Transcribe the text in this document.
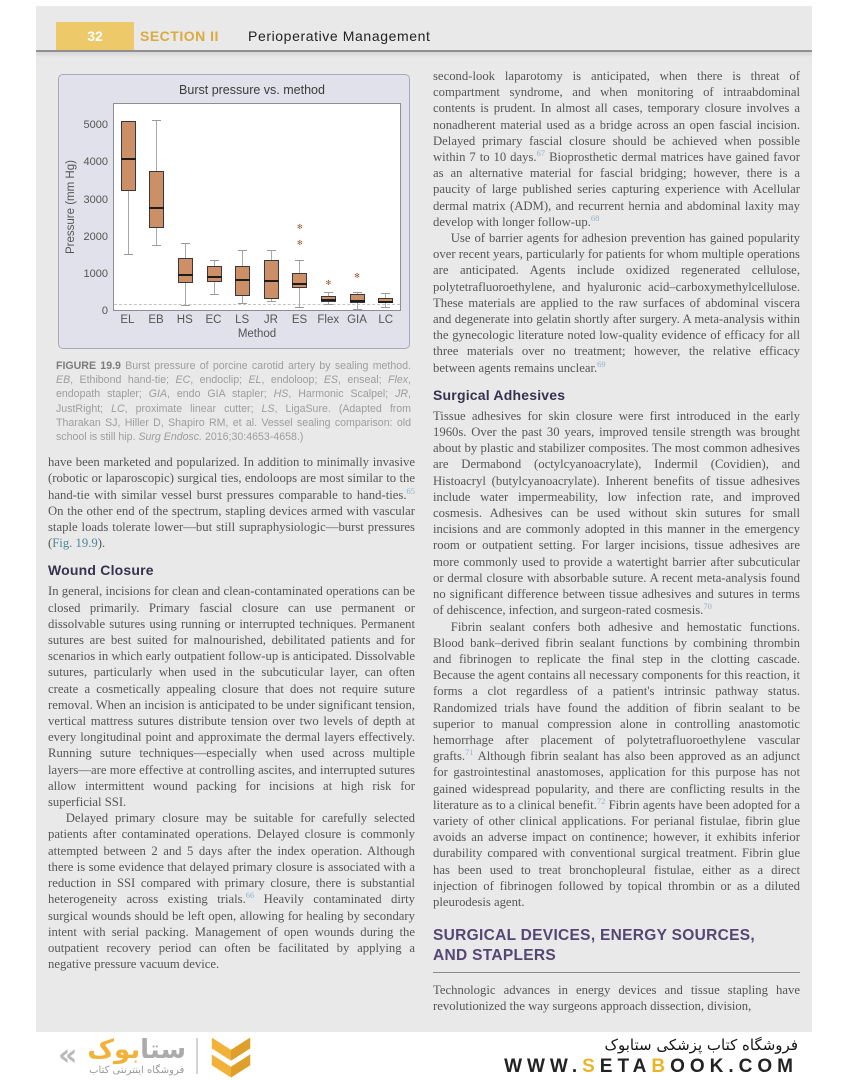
32	SECTION II Perioperative Management
Burst pressure vs. method
Pressure (mm Hg)
0
1000
2000
3000
4000
5000
✻
✻
✻
✻
EL	EB	HS	EC	LS	JR	ES Flex GIA LC
Method
FIGURE 19.9 Burst pressure of porcine carotid artery by sealing method. EB, Ethibond hand-tie; EC, endoclip; EL, endoloop; ES, enseal; Flex, endopath stapler; GIA, endo GIA stapler; HS, Harmonic Scalpel; JR, JustRight; LC, proximate linear cutter; LS, LigaSure. (Adapted from Tharakan SJ, Hiller D, Shapiro RM, et al. Vessel sealing comparison: old school is still hip. Surg Endosc. 2016;30:4653-4658.)

have been marketed and popularized. In addition to minimally invasive (robotic or laparoscopic) surgical ties, endoloops are most similar to the hand-tie with similar vessel burst pressures comparable to hand-ties.$^{65}$ On the other end of the spectrum, stapling devices armed with vascular staple loads tolerate lower—but still supraphysiologic—burst pressures (Fig. 19.9).

Wound Closure

In general, incisions for clean and clean-contaminated operations can be closed primarily. Primary fascial closure can use permanent or dissolvable sutures using running or interrupted techniques. Permanent sutures are best suited for malnourished, debilitated patients and for scenarios in which early outpatient follow-up is anticipated. Dissolvable sutures, particularly when used in the subcuticular layer, can often create a cosmetically appealing closure that does not require suture removal. When an incision is anticipated to be under significant tension, vertical mattress sutures distribute tension over two levels of depth at every longitudinal point and approximate the dermal layers effectively. Running suture techniques—especially when used across multiple layers—are more effective at controlling ascites, and interrupted sutures allow intermittent wound packing for incisions at high risk for superficial SSI.

Delayed primary closure may be suitable for carefully selected patients after contaminated operations. Delayed closure is commonly attempted between 2 and 5 days after the index operation. Although there is some evidence that delayed primary closure is associated with a reduction in SSI compared with primary closure, there is substantial heterogeneity across existing trials.$^{66}$ Heavily contaminated dirty surgical wounds should be left open, allowing for healing by secondary intent with serial packing. Management of open wounds during the outpatient recovery period can often be facilitated by applying a negative pressure vacuum device.

second-look laparotomy is anticipated, when there is threat of compartment syndrome, and when monitoring of intraabdominal contents is prudent. In almost all cases, temporary closure involves a nonadherent material used as a bridge across an open fascial incision. Delayed primary fascial closure should be achieved when possible within 7 to 10 days.$^{67}$ Bioprosthetic dermal matrices have gained favor as an alternative material for fascial bridging; however, there is a paucity of large published series capturing experience with Acellular dermal matrix (ADM), and recurrent hernia and abdominal laxity may develop with longer follow-up.$^{68}$

Use of barrier agents for adhesion prevention has gained popularity over recent years, particularly for patients for whom multiple operations are anticipated. Agents include oxidized regenerated cellulose, polytetrafluoroethylene, and hyaluronic acid–carboxymethylcellulose. These materials are applied to the raw surfaces of abdominal viscera and degenerate into gelatin shortly after surgery. A meta-analysis within the gynecologic literature noted low-quality evidence of efficacy for all three materials over no treatment; however, the relative efficacy between agents remains unclear.$^{69}$

Surgical Adhesives

Tissue adhesives for skin closure were first introduced in the early 1960s. Over the past 30 years, improved tensile strength was brought about by plastic and stabilizer composites. The most common adhesives are Dermabond (octylcyanoacrylate), Indermil (Covidien), and Histoacryl (butylcyanoacrylate). Inherent benefits of tissue adhesives include water impermeability, low infection rate, and improved cosmesis. Adhesives can be used without skin sutures for small incisions and are commonly adopted in this manner in the emergency room or outpatient setting. For larger incisions, tissue adhesives are more commonly used to provide a watertight barrier after subcuticular or dermal closure with absorbable suture. A recent meta-analysis found no significant difference between tissue adhesives and sutures in terms of dehiscence, infection, and surgeon-rated cosmesis.$^{70}$

Fibrin sealant confers both adhesive and hemostatic functions. Blood bank–derived fibrin sealant functions by combining thrombin and fibrinogen to replicate the final step in the clotting cascade. Because the agent contains all necessary components for this reaction, it forms a clot regardless of a patient's intrinsic pathway status. Randomized trials have found the addition of fibrin sealant to be superior to manual compression alone in controlling anastomotic hemorrhage after placement of polytetrafluoroethylene vascular grafts.$^{71}$ Although fibrin sealant has also been approved as an adjunct for gastrointestinal anastomoses, application for this purpose has not gained widespread popularity, and there are conflicting results in the literature as to a clinical benefit.$^{72}$ Fibrin agents have been adopted for a variety of other clinical applications. For perianal fistulae, fibrin glue avoids an adverse impact on continence; however, it exhibits inferior durability compared with conventional surgical treatment. Fibrin glue has been used to treat bronchopleural fistulae, either as a direct injection of fibrinogen followed by topical thrombin or as a diluted pleurodesis agent.

SURGICAL DEVICES, ENERGY SOURCES,
AND STAPLERS

Technologic advances in energy devices and tissue stapling have revolutionized the way surgeons approach dissection, division,

«	ستابوک
فروشگاه اینترنتی کتاب
فروشگاه کتاب پزشکی ستابوک
WWW.SETABOOK.COM
